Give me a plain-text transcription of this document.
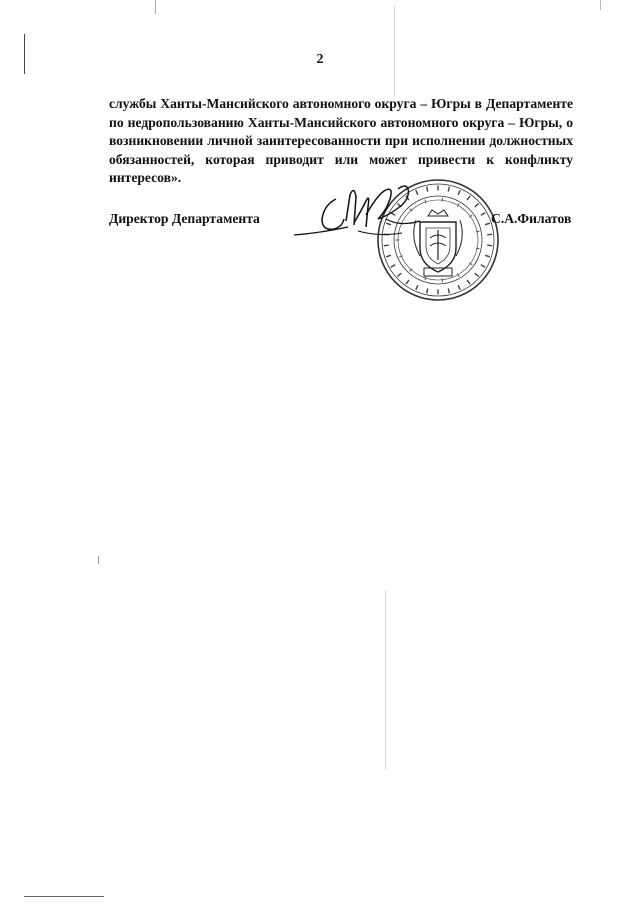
2
службы Ханты-Мансийского автономного округа – Югры в Департаменте
по недропользованию Ханты-Мансийского автономного округа – Югры, о
возникновении личной заинтересованности при исполнении должностных
обязанностей, которая приводит или может привести к конфликту
интересов».
Директор Департамента	С.А.Филатов
